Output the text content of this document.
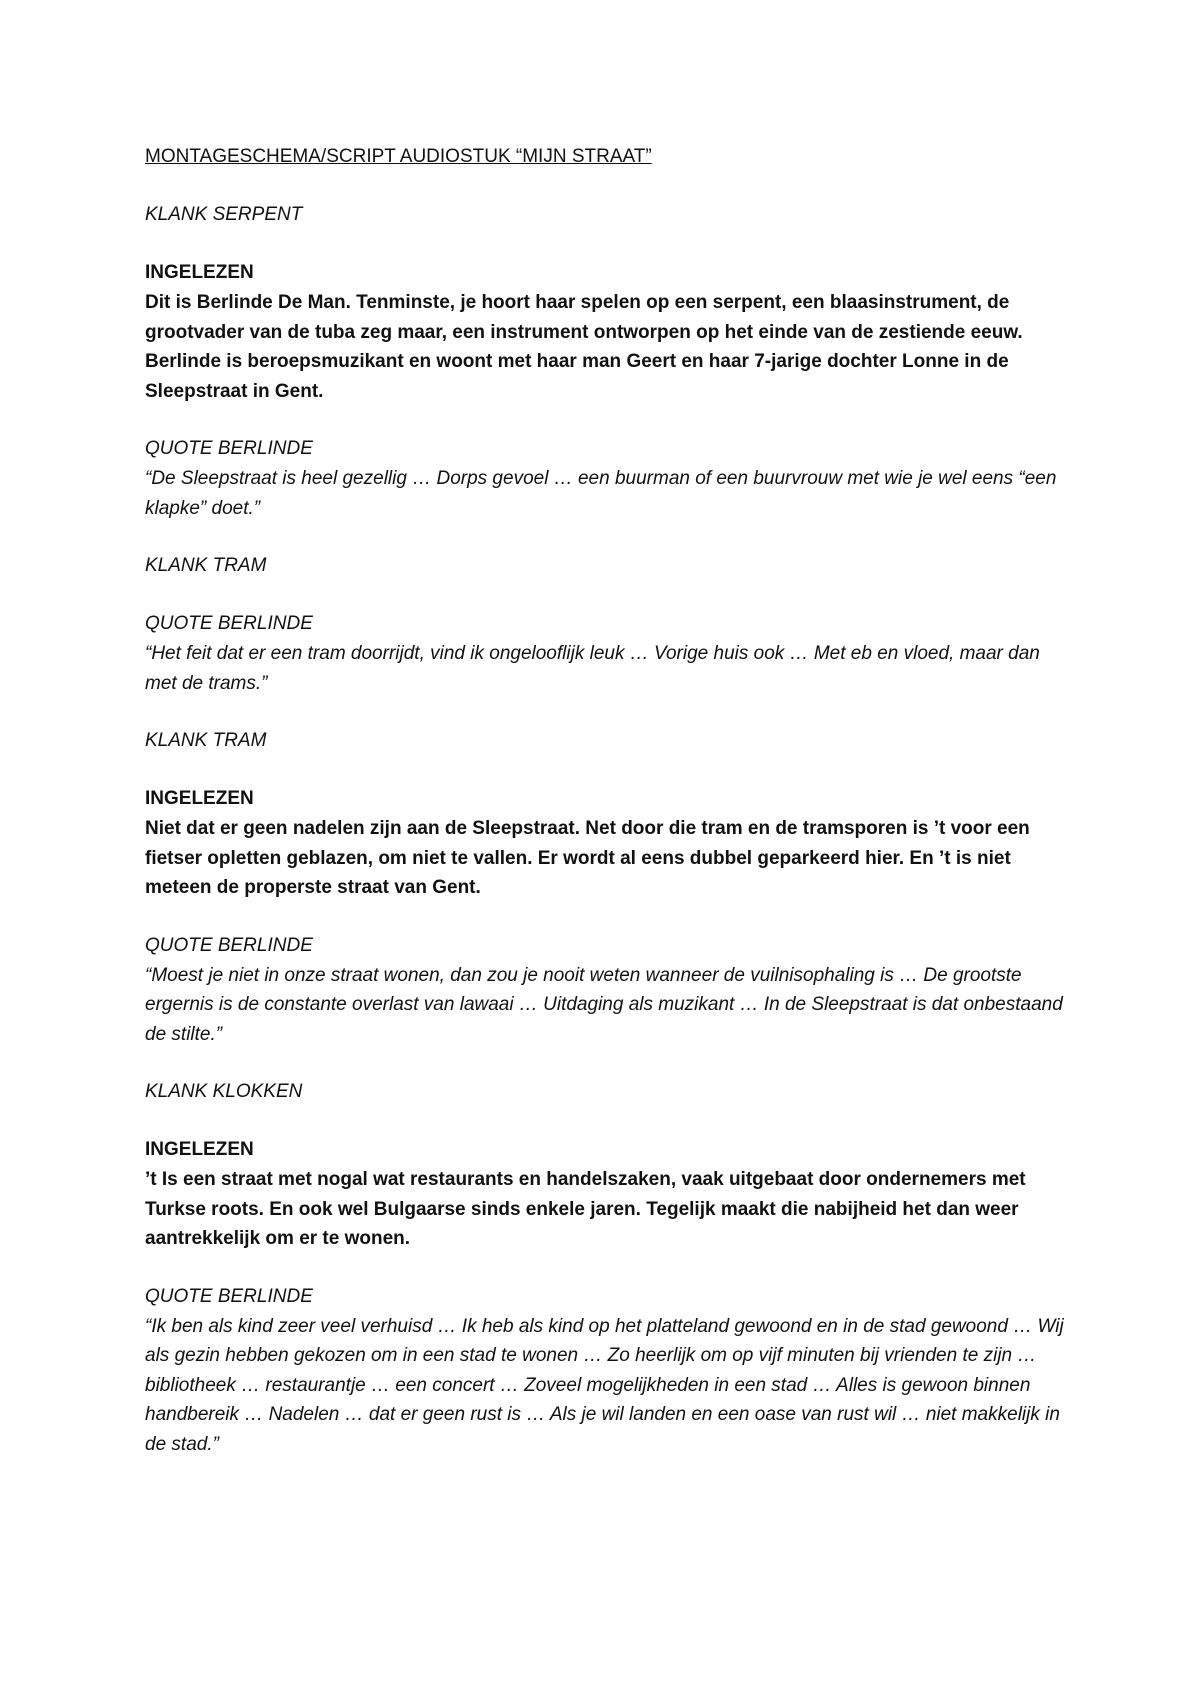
MONTAGESCHEMA/SCRIPT AUDIOSTUK “MIJN STRAAT”

KLANK SERPENT

INGELEZEN

Dit is Berlinde De Man. Tenminste, je hoort haar spelen op een serpent, een blaasinstrument, de grootvader van de tuba zeg maar, een instrument ontworpen op het einde van de zestiende eeuw. Berlinde is beroepsmuzikant en woont met haar man Geert en haar 7-jarige dochter Lonne in de Sleepstraat in Gent.

QUOTE BERLINDE

“De Sleepstraat is heel gezellig … Dorps gevoel … een buurman of een buurvrouw met wie je wel eens “een klapke” doet.”

KLANK TRAM

QUOTE BERLINDE

“Het feit dat er een tram doorrijdt, vind ik ongelooflijk leuk … Vorige huis ook … Met eb en vloed, maar dan met de trams.”

KLANK TRAM

INGELEZEN

Niet dat er geen nadelen zijn aan de Sleepstraat. Net door die tram en de tramsporen is ’t voor een fietser opletten geblazen, om niet te vallen. Er wordt al eens dubbel geparkeerd hier. En ’t is niet meteen de properste straat van Gent.

QUOTE BERLINDE

“Moest je niet in onze straat wonen, dan zou je nooit weten wanneer de vuilnisophaling is … De grootste ergernis is de constante overlast van lawaai … Uitdaging als muzikant … In de Sleepstraat is dat onbestaand de stilte.”

KLANK KLOKKEN

INGELEZEN

’t Is een straat met nogal wat restaurants en handelszaken, vaak uitgebaat door ondernemers met Turkse roots. En ook wel Bulgaarse sinds enkele jaren. Tegelijk maakt die nabijheid het dan weer aantrekkelijk om er te wonen.

QUOTE BERLINDE

“Ik ben als kind zeer veel verhuisd … Ik heb als kind op het platteland gewoond en in de stad gewoond … Wij als gezin hebben gekozen om in een stad te wonen … Zo heerlijk om op vijf minuten bij vrienden te zijn … bibliotheek … restaurantje … een concert … Zoveel mogelijkheden in een stad … Alles is gewoon binnen handbereik … Nadelen … dat er geen rust is … Als je wil landen en een oase van rust wil … niet makkelijk in de stad.”
